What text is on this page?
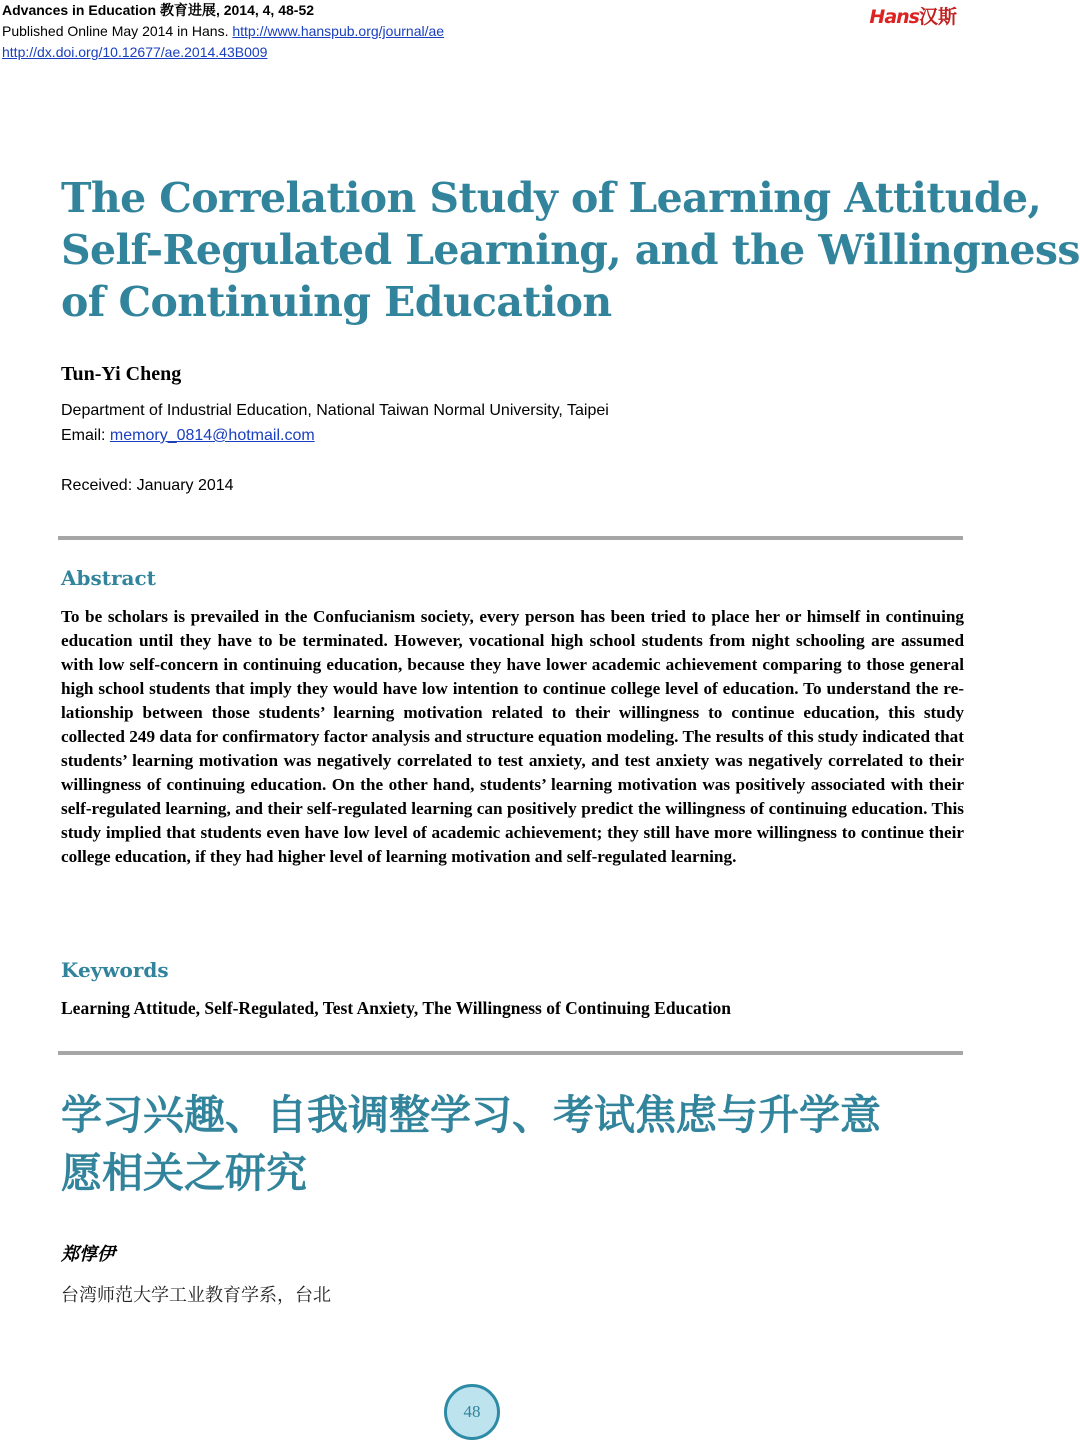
Advances in Education 教育进展, 2014, 4, 48-52
Published Online May 2014 in Hans. http://www.hanspub.org/journal/ae
http://dx.doi.org/10.12677/ae.2014.43B009
Hans汉斯
The Correlation Study of Learning Attitude,
Self-Regulated Learning, and the Willingness
of Continuing Education
Tun-Yi Cheng
Department of Industrial Education, National Taiwan Normal University, Taipei
Email: memory_0814@hotmail.com
Received: January 2014
Abstract

To be scholars is prevailed in the Confucianism society, every person has been tried to place her or himself in continuing education until they have to be terminated. However, vocational high school students from night schooling are assumed with low self-concern in continuing education, because they have lower academic achievement comparing to those general high school students that imply they would have low intention to continue college level of education. To understand the relationship between those students’ learning motivation related to their willingness to continue education, this study collected 249 data for confirmatory factor analysis and structure equation modeling. The results of this study indicated that students’ learning motivation was negatively correlated to test anxiety, and test anxiety was negatively correlated to their willingness of continuing education. On the other hand, students’ learning motivation was positively associated with their self-regulated learning, and their self-regulated learning can positively predict the willingness of continuing education. This study implied that students even have low level of academic achievement; they still have more willingness to continue their college education, if they had higher level of learning motivation and self-regulated learning.

Keywords
Learning Attitude, Self-Regulated, Test Anxiety, The Willingness of Continuing Education
学习兴趣、自我调整学习、考试焦虑与升学意
愿相关之研究
郑惇伊
台湾师范大学工业教育学系，台北
48
